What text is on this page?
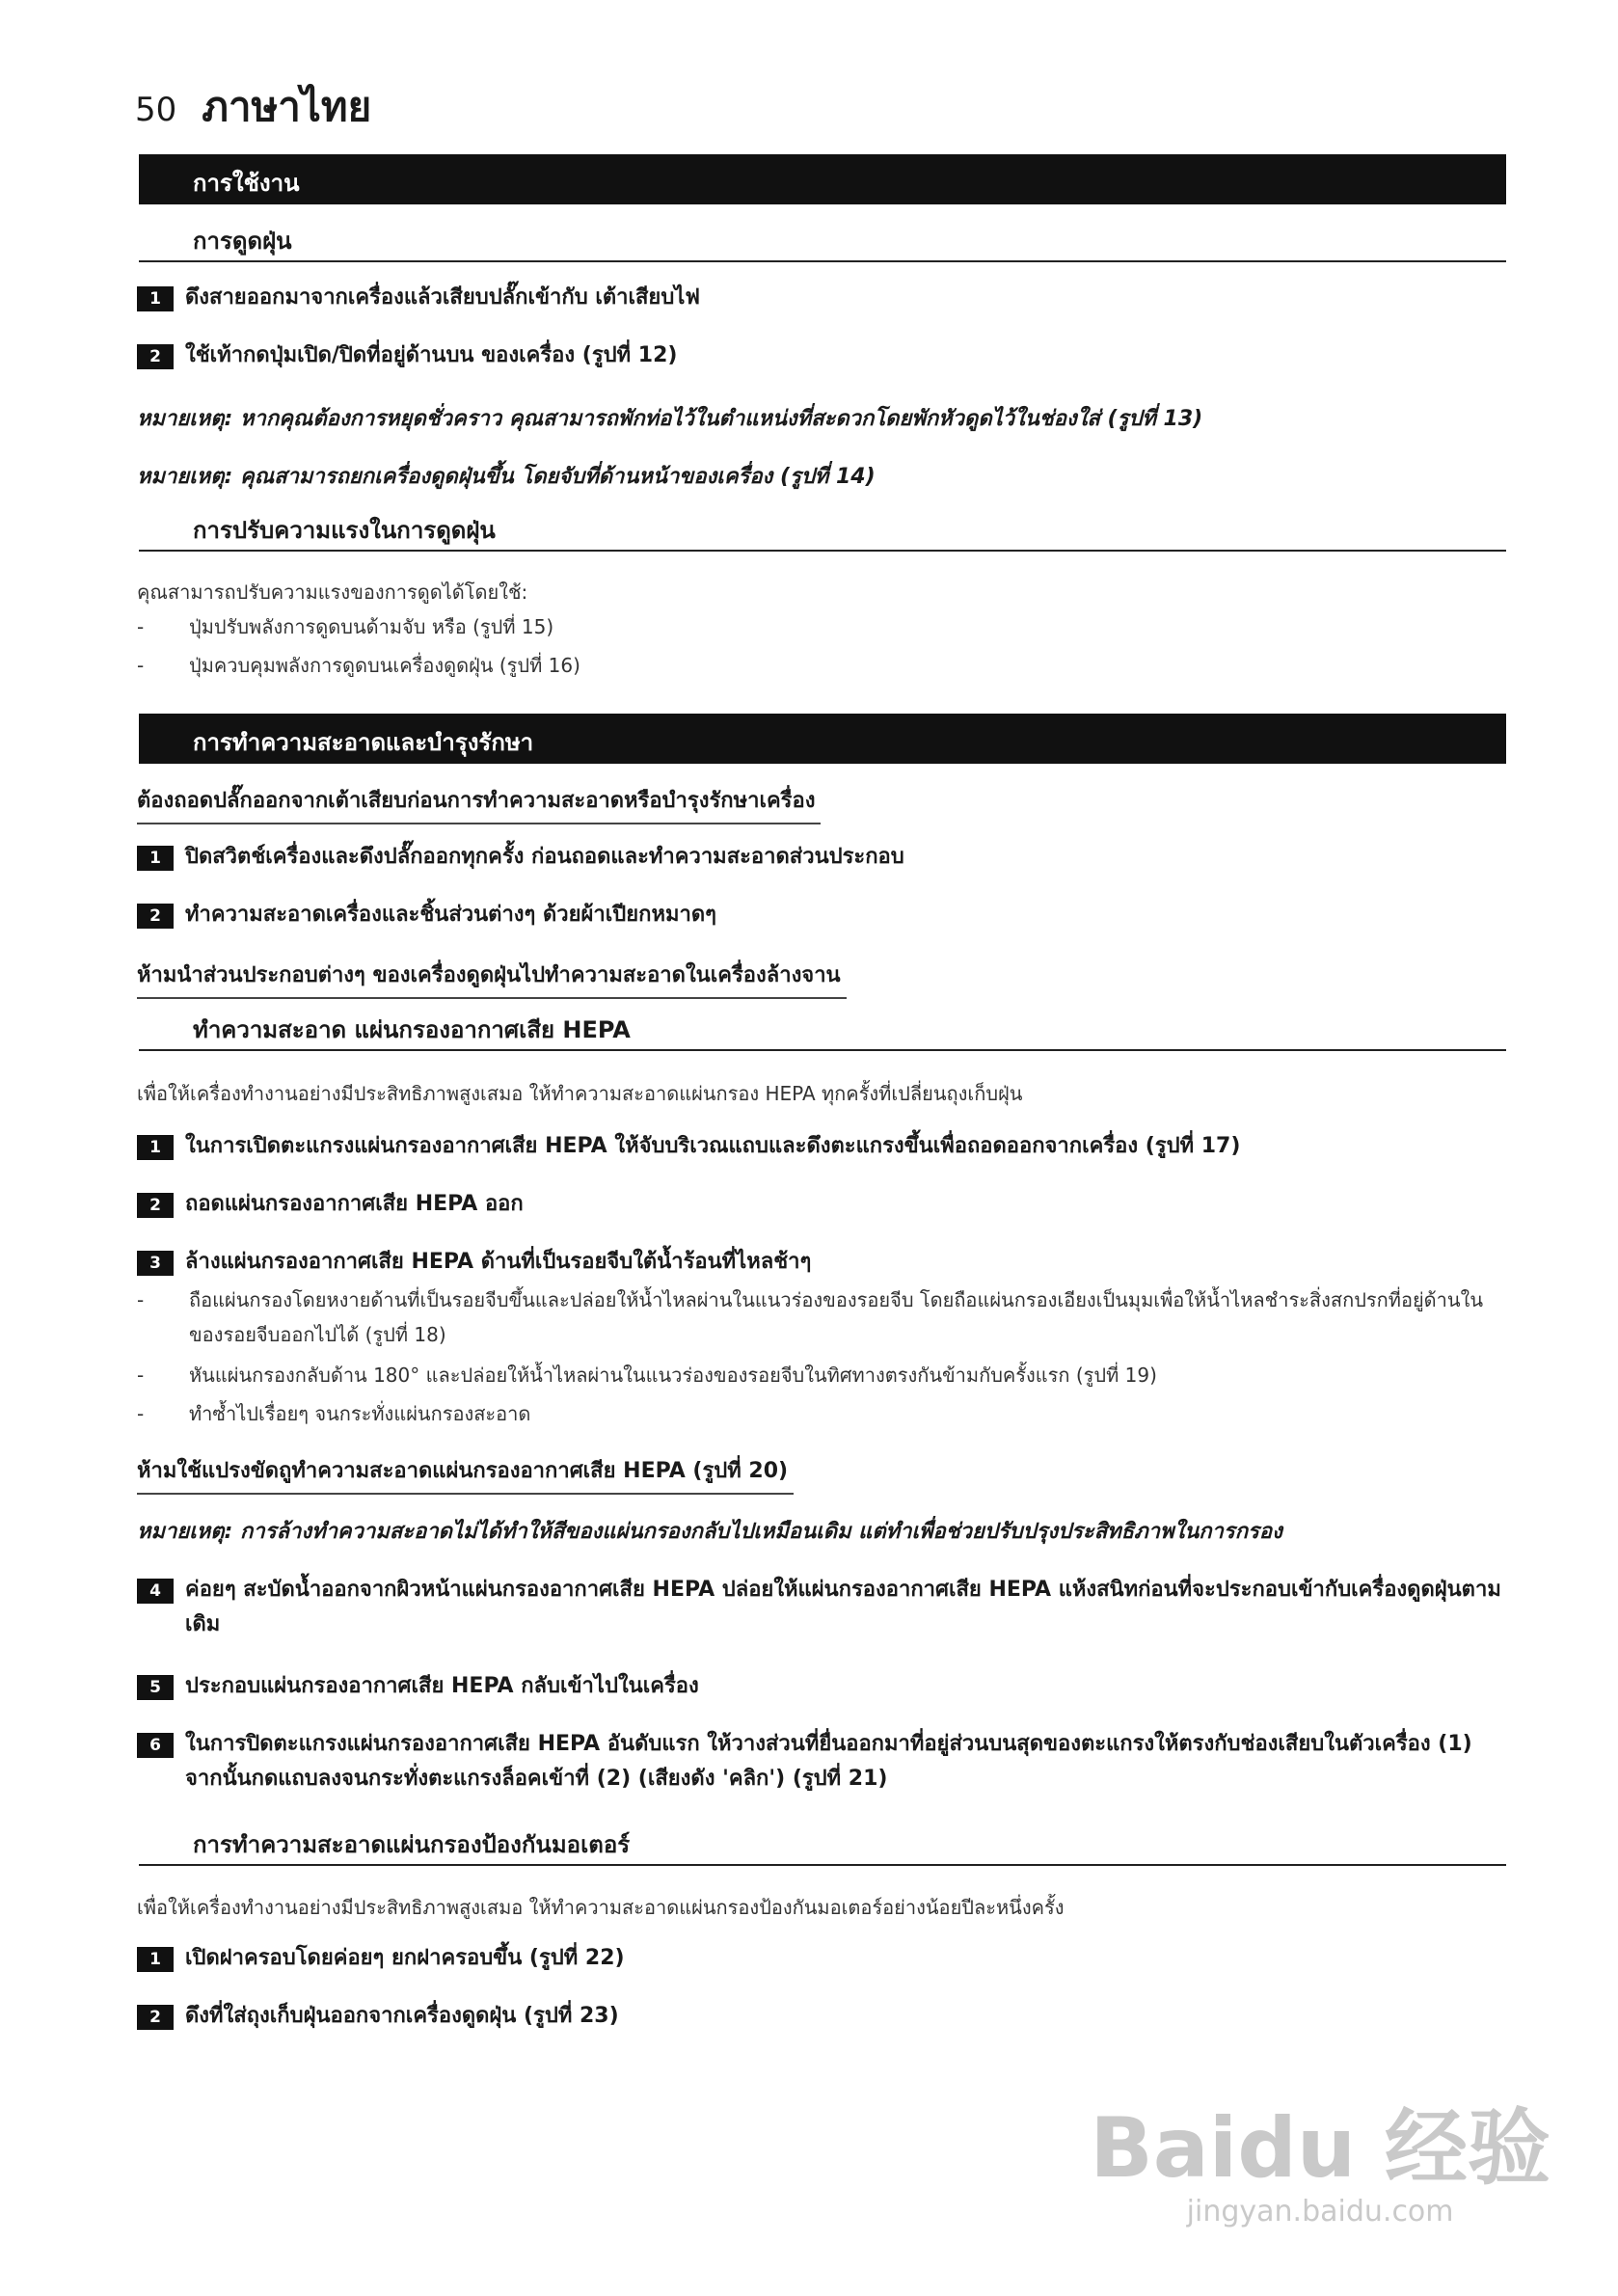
50 ภาษาไทย
การใช้งาน
การดูดฝุ่น
1	ดึงสายออกมาจากเครื่องแล้วเสียบปลั๊กเข้ากับ เต้าเสียบไฟ
2	ใช้เท้ากดปุ่มเปิด/ปิดที่อยู่ด้านบน ของเครื่อง (รูปที่ 12)
หมายเหตุ: หากคุณต้องการหยุดชั่วคราว คุณสามารถพักท่อไว้ในตำแหน่งที่สะดวกโดยพักหัวดูดไว้ในช่องใส่ (รูปที่ 13)
หมายเหตุ: คุณสามารถยกเครื่องดูดฝุ่นขึ้น โดยจับที่ด้านหน้าของเครื่อง (รูปที่ 14)
การปรับความแรงในการดูดฝุ่น
คุณสามารถปรับความแรงของการดูดได้โดยใช้:
-	ปุ่มปรับพลังการดูดบนด้ามจับ หรือ (รูปที่ 15)
-	ปุ่มควบคุมพลังการดูดบนเครื่องดูดฝุ่น (รูปที่ 16)
การทำความสะอาดและบำรุงรักษา
ต้องถอดปลั๊กออกจากเต้าเสียบก่อนการทำความสะอาดหรือบำรุงรักษาเครื่อง
1	ปิดสวิตช์เครื่องและดึงปลั๊กออกทุกครั้ง ก่อนถอดและทำความสะอาดส่วนประกอบ
2	ทำความสะอาดเครื่องและชิ้นส่วนต่างๆ ด้วยผ้าเปียกหมาดๆ
ห้ามนำส่วนประกอบต่างๆ ของเครื่องดูดฝุ่นไปทำความสะอาดในเครื่องล้างจาน
ทำความสะอาด แผ่นกรองอากาศเสีย HEPA
เพื่อให้เครื่องทำงานอย่างมีประสิทธิภาพสูงเสมอ ให้ทำความสะอาดแผ่นกรอง HEPA ทุกครั้งที่เปลี่ยนถุงเก็บฝุ่น
1	ในการเปิดตะแกรงแผ่นกรองอากาศเสีย HEPA ให้จับบริเวณแถบและดึงตะแกรงขึ้นเพื่อถอดออกจากเครื่อง (รูปที่ 17)
2	ถอดแผ่นกรองอากาศเสีย HEPA ออก
3	ล้างแผ่นกรองอากาศเสีย HEPA ด้านที่เป็นรอยจีบใต้น้ำร้อนที่ไหลช้าๆ
-	ถือแผ่นกรองโดยหงายด้านที่เป็นรอยจีบขึ้นและปล่อยให้น้ำไหลผ่านในแนวร่องของรอยจีบ โดยถือแผ่นกรองเอียงเป็นมุมเพื่อให้น้ำไหลชำระสิ่งสกปรกที่อยู่ด้านในของรอยจีบออกไปได้ (รูปที่ 18)
-	หันแผ่นกรองกลับด้าน 180° และปล่อยให้น้ำไหลผ่านในแนวร่องของรอยจีบในทิศทางตรงกันข้ามกับครั้งแรก (รูปที่ 19)
-	ทำซ้ำไปเรื่อยๆ จนกระทั่งแผ่นกรองสะอาด
ห้ามใช้แปรงขัดถูทำความสะอาดแผ่นกรองอากาศเสีย HEPA (รูปที่ 20)
หมายเหตุ: การล้างทำความสะอาดไม่ได้ทำให้สีของแผ่นกรองกลับไปเหมือนเดิม แต่ทำเพื่อช่วยปรับปรุงประสิทธิภาพในการกรอง
4	ค่อยๆ สะบัดน้ำออกจากผิวหน้าแผ่นกรองอากาศเสีย HEPA ปล่อยให้แผ่นกรองอากาศเสีย HEPA แห้งสนิทก่อนที่จะประกอบเข้ากับเครื่องดูดฝุ่นตามเดิม
5	ประกอบแผ่นกรองอากาศเสีย HEPA กลับเข้าไปในเครื่อง
6	ในการปิดตะแกรงแผ่นกรองอากาศเสีย HEPA อันดับแรก ให้วางส่วนที่ยื่นออกมาที่อยู่ส่วนบนสุดของตะแกรงให้ตรงกับช่องเสียบในตัวเครื่อง (1) จากนั้นกดแถบลงจนกระทั่งตะแกรงล็อคเข้าที่ (2) (เสียงดัง 'คลิก') (รูปที่ 21)
การทำความสะอาดแผ่นกรองป้องกันมอเตอร์
เพื่อให้เครื่องทำงานอย่างมีประสิทธิภาพสูงเสมอ ให้ทำความสะอาดแผ่นกรองป้องกันมอเตอร์อย่างน้อยปีละหนึ่งครั้ง
1	เปิดฝาครอบโดยค่อยๆ ยกฝาครอบขึ้น (รูปที่ 22)
2	ดึงที่ใส่ถุงเก็บฝุ่นออกจากเครื่องดูดฝุ่น (รูปที่ 23)
Baidu 经验
jingyan.baidu.com
